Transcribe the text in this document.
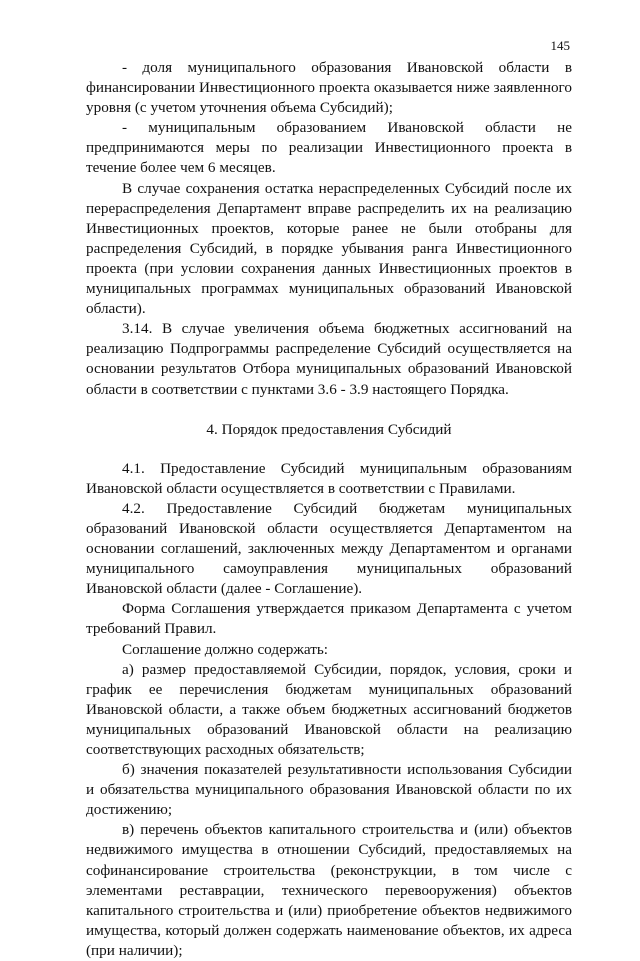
145
- доля муниципального образования Ивановской области в
финансировании Инвестиционного проекта оказывается ниже заявленного
уровня (с учетом уточнения объема Субсидий);
- муниципальным образованием Ивановской области не
предпринимаются меры по реализации Инвестиционного проекта в
течение более чем 6 месяцев.
В случае сохранения остатка нераспределенных Субсидий после их
перераспределения Департамент вправе распределить их на реализацию
Инвестиционных проектов, которые ранее не были отобраны для
распределения Субсидий, в порядке убывания ранга Инвестиционного
проекта (при условии сохранения данных Инвестиционных проектов в
муниципальных программах муниципальных образований Ивановской
области).
3.14. В случае увеличения объема бюджетных ассигнований на
реализацию Подпрограммы распределение Субсидий осуществляется на
основании результатов Отбора муниципальных образований Ивановской
области в соответствии с пунктами 3.6 - 3.9 настоящего Порядка.
4. Порядок предоставления Субсидий
4.1. Предоставление Субсидий муниципальным образованиям
Ивановской области осуществляется в соответствии с Правилами.
4.2. Предоставление Субсидий бюджетам муниципальных
образований Ивановской области осуществляется Департаментом на
основании соглашений, заключенных между Департаментом и органами
муниципального самоуправления муниципальных образований
Ивановской области (далее - Соглашение).
Форма Соглашения утверждается приказом Департамента с учетом
требований Правил.
Соглашение должно содержать:
а) размер предоставляемой Субсидии, порядок, условия, сроки и
график ее перечисления бюджетам муниципальных образований
Ивановской области, а также объем бюджетных ассигнований бюджетов
муниципальных образований Ивановской области на реализацию
соответствующих расходных обязательств;
б) значения показателей результативности использования Субсидии
и обязательства муниципального образования Ивановской области по их
достижению;
в) перечень объектов капитального строительства и (или) объектов
недвижимого имущества в отношении Субсидий, предоставляемых на
софинансирование строительства (реконструкции, в том числе с
элементами реставрации, технического перевооружения) объектов
капитального строительства и (или) приобретение объектов недвижимого
имущества, который должен содержать наименование объектов, их адреса
(при наличии);
